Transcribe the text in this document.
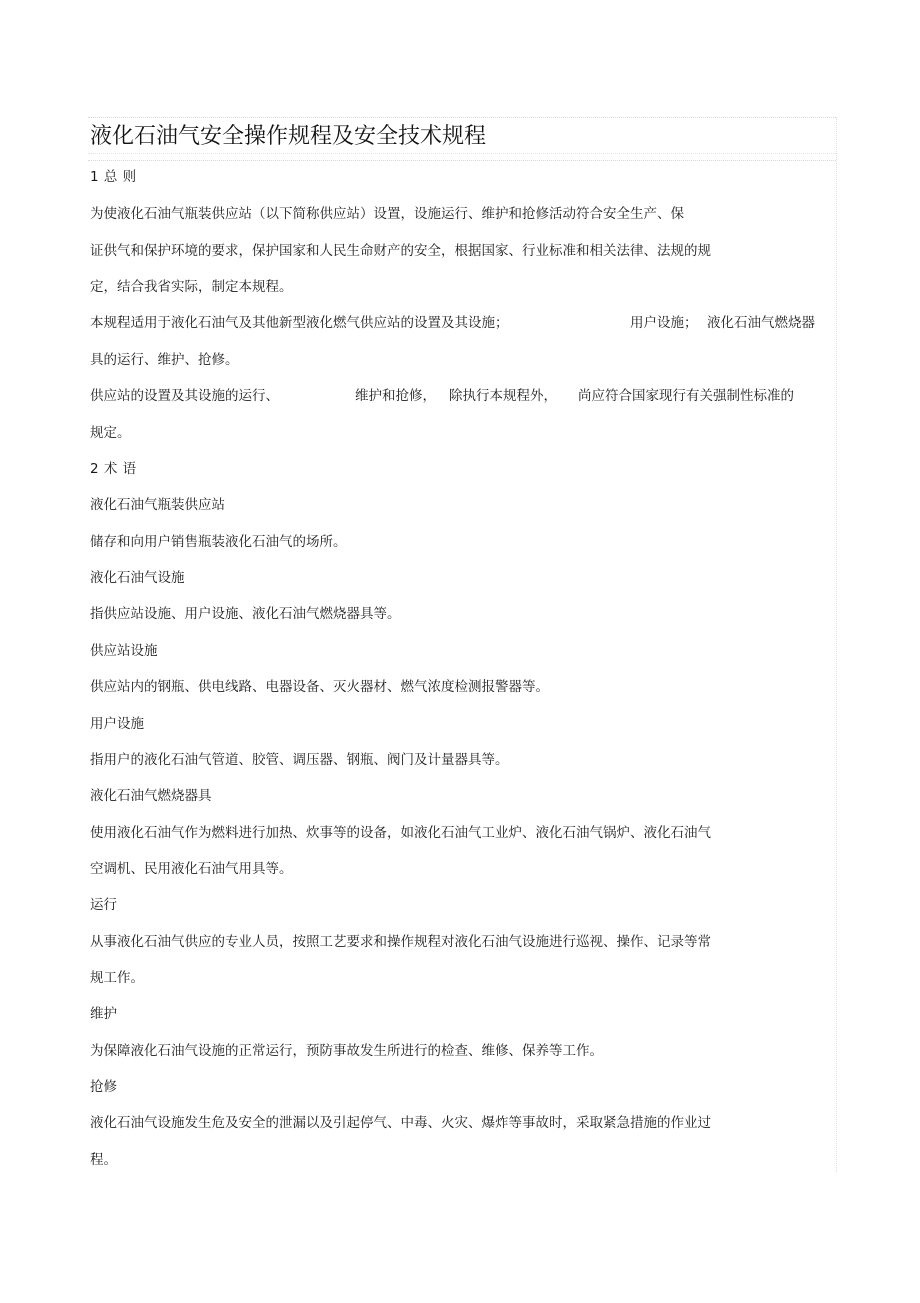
液化石油气安全操作规程及安全技术规程

1 总 则

为使液化石油气瓶装供应站（以下简称供应站）设置，设施运行、维护和抢修活动符合安全生产、保

证供气和保护环境的要求，保护国家和人民生命财产的安全，根据国家、行业标准和相关法律、法规的规

定，结合我省实际，制定本规程。

本规程适用于液化石油气及其他新型液化燃气供应站的设置及其设施；	用户设施； 液化石油气燃烧器

具的运行、维护、抢修。

供应站的设置及其设施的运行、	维护和抢修， 除执行本规程外， 尚应符合国家现行有关强制性标准的

规定。

2 术 语

液化石油气瓶装供应站

储存和向用户销售瓶装液化石油气的场所。

液化石油气设施

指供应站设施、用户设施、液化石油气燃烧器具等。

供应站设施

供应站内的钢瓶、供电线路、电器设备、灭火器材、燃气浓度检测报警器等。

用户设施

指用户的液化石油气管道、胶管、调压器、钢瓶、阀门及计量器具等。

液化石油气燃烧器具

使用液化石油气作为燃料进行加热、炊事等的设备，如液化石油气工业炉、液化石油气锅炉、液化石油气

空调机、民用液化石油气用具等。

运行

从事液化石油气供应的专业人员，按照工艺要求和操作规程对液化石油气设施进行巡视、操作、记录等常

规工作。

维护

为保障液化石油气设施的正常运行，预防事故发生所进行的检查、维修、保养等工作。

抢修

液化石油气设施发生危及安全的泄漏以及引起停气、中毒、火灾、爆炸等事故时，采取紧急措施的作业过

程。
